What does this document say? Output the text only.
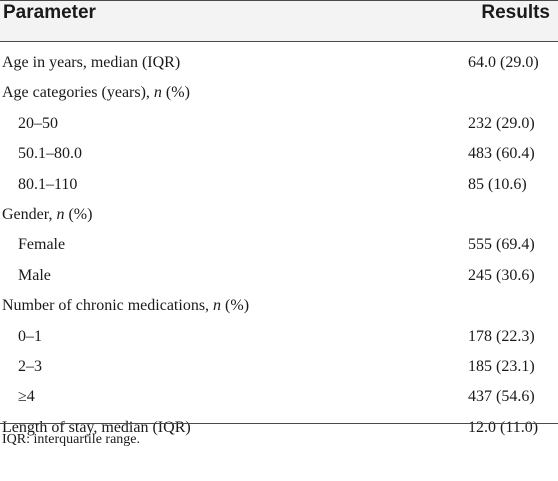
Parameter	Results
Age in years, median (IQR)	64.0 (29.0)
Age categories (years), n (%)
20–50	232 (29.0)
50.1–80.0	483 (60.4)
80.1–110	85 (10.6)
Gender, n (%)
Female	555 (69.4)
Male	245 (30.6)
Number of chronic medications, n (%)
0–1	178 (22.3)
2–3	185 (23.1)
≥4	437 (54.6)
Length of stay, median (IQR)	12.0 (11.0)
IQR: interquartile range.
